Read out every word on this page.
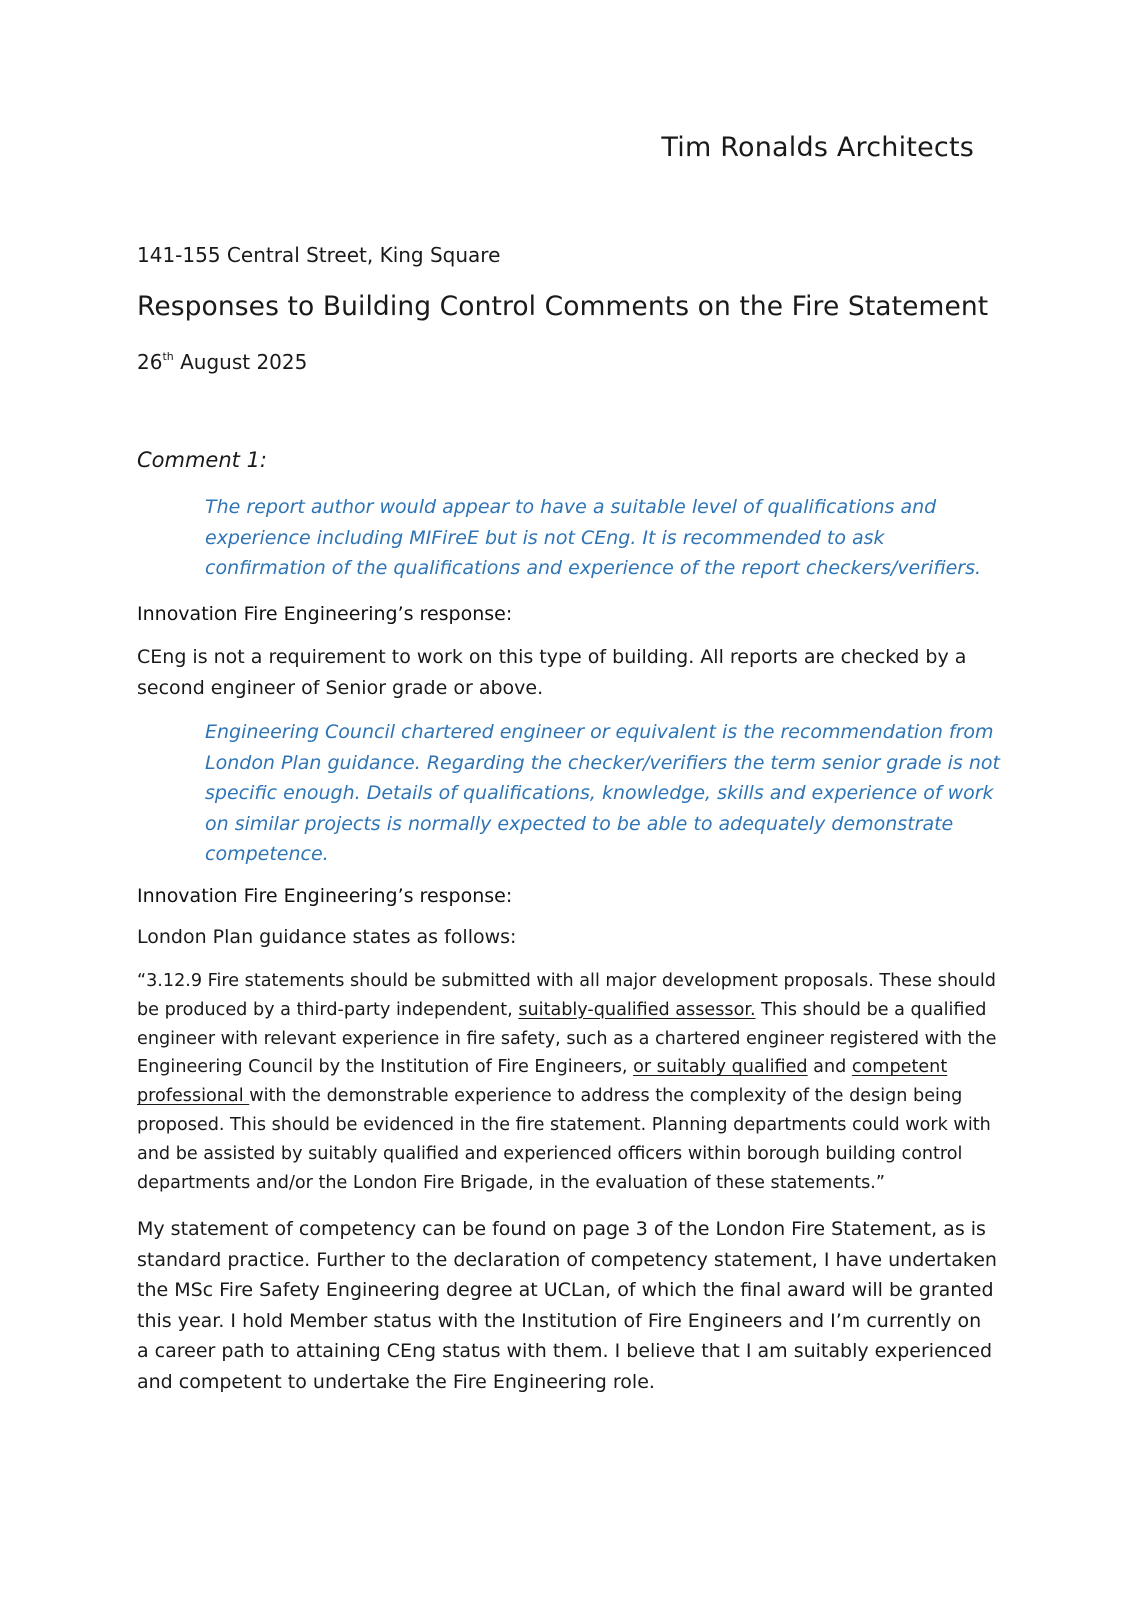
Tim Ronalds Architects

141-155 Central Street, King Square

Responses to Building Control Comments on the Fire Statement

26th August 2025

Comment 1:

The report author would appear to have a suitable level of qualifications and experience including MIFireE but is not CEng. It is recommended to ask confirmation of the qualifications and experience of the report checkers/verifiers.

Innovation Fire Engineering’s response:

CEng is not a requirement to work on this type of building. All reports are checked by a second engineer of Senior grade or above.

Engineering Council chartered engineer or equivalent is the recommendation from London Plan guidance. Regarding the checker/verifiers the term senior grade is not specific enough. Details of qualifications, knowledge, skills and experience of work on similar projects is normally expected to be able to adequately demonstrate competence.

Innovation Fire Engineering’s response:

London Plan guidance states as follows:

“3.12.9 Fire statements should be submitted with all major development proposals. These should be produced by a third-party independent, suitably-qualified assessor. This should be a qualified engineer with relevant experience in fire safety, such as a chartered engineer registered with the Engineering Council by the Institution of Fire Engineers, or suitably qualified and competent professional with the demonstrable experience to address the complexity of the design being proposed. This should be evidenced in the fire statement. Planning departments could work with and be assisted by suitably qualified and experienced officers within borough building control departments and/or the London Fire Brigade, in the evaluation of these statements.”

My statement of competency can be found on page 3 of the London Fire Statement, as is standard practice. Further to the declaration of competency statement, I have undertaken the MSc Fire Safety Engineering degree at UCLan, of which the final award will be granted this year. I hold Member status with the Institution of Fire Engineers and I’m currently on a career path to attaining CEng status with them. I believe that I am suitably experienced and competent to undertake the Fire Engineering role.
